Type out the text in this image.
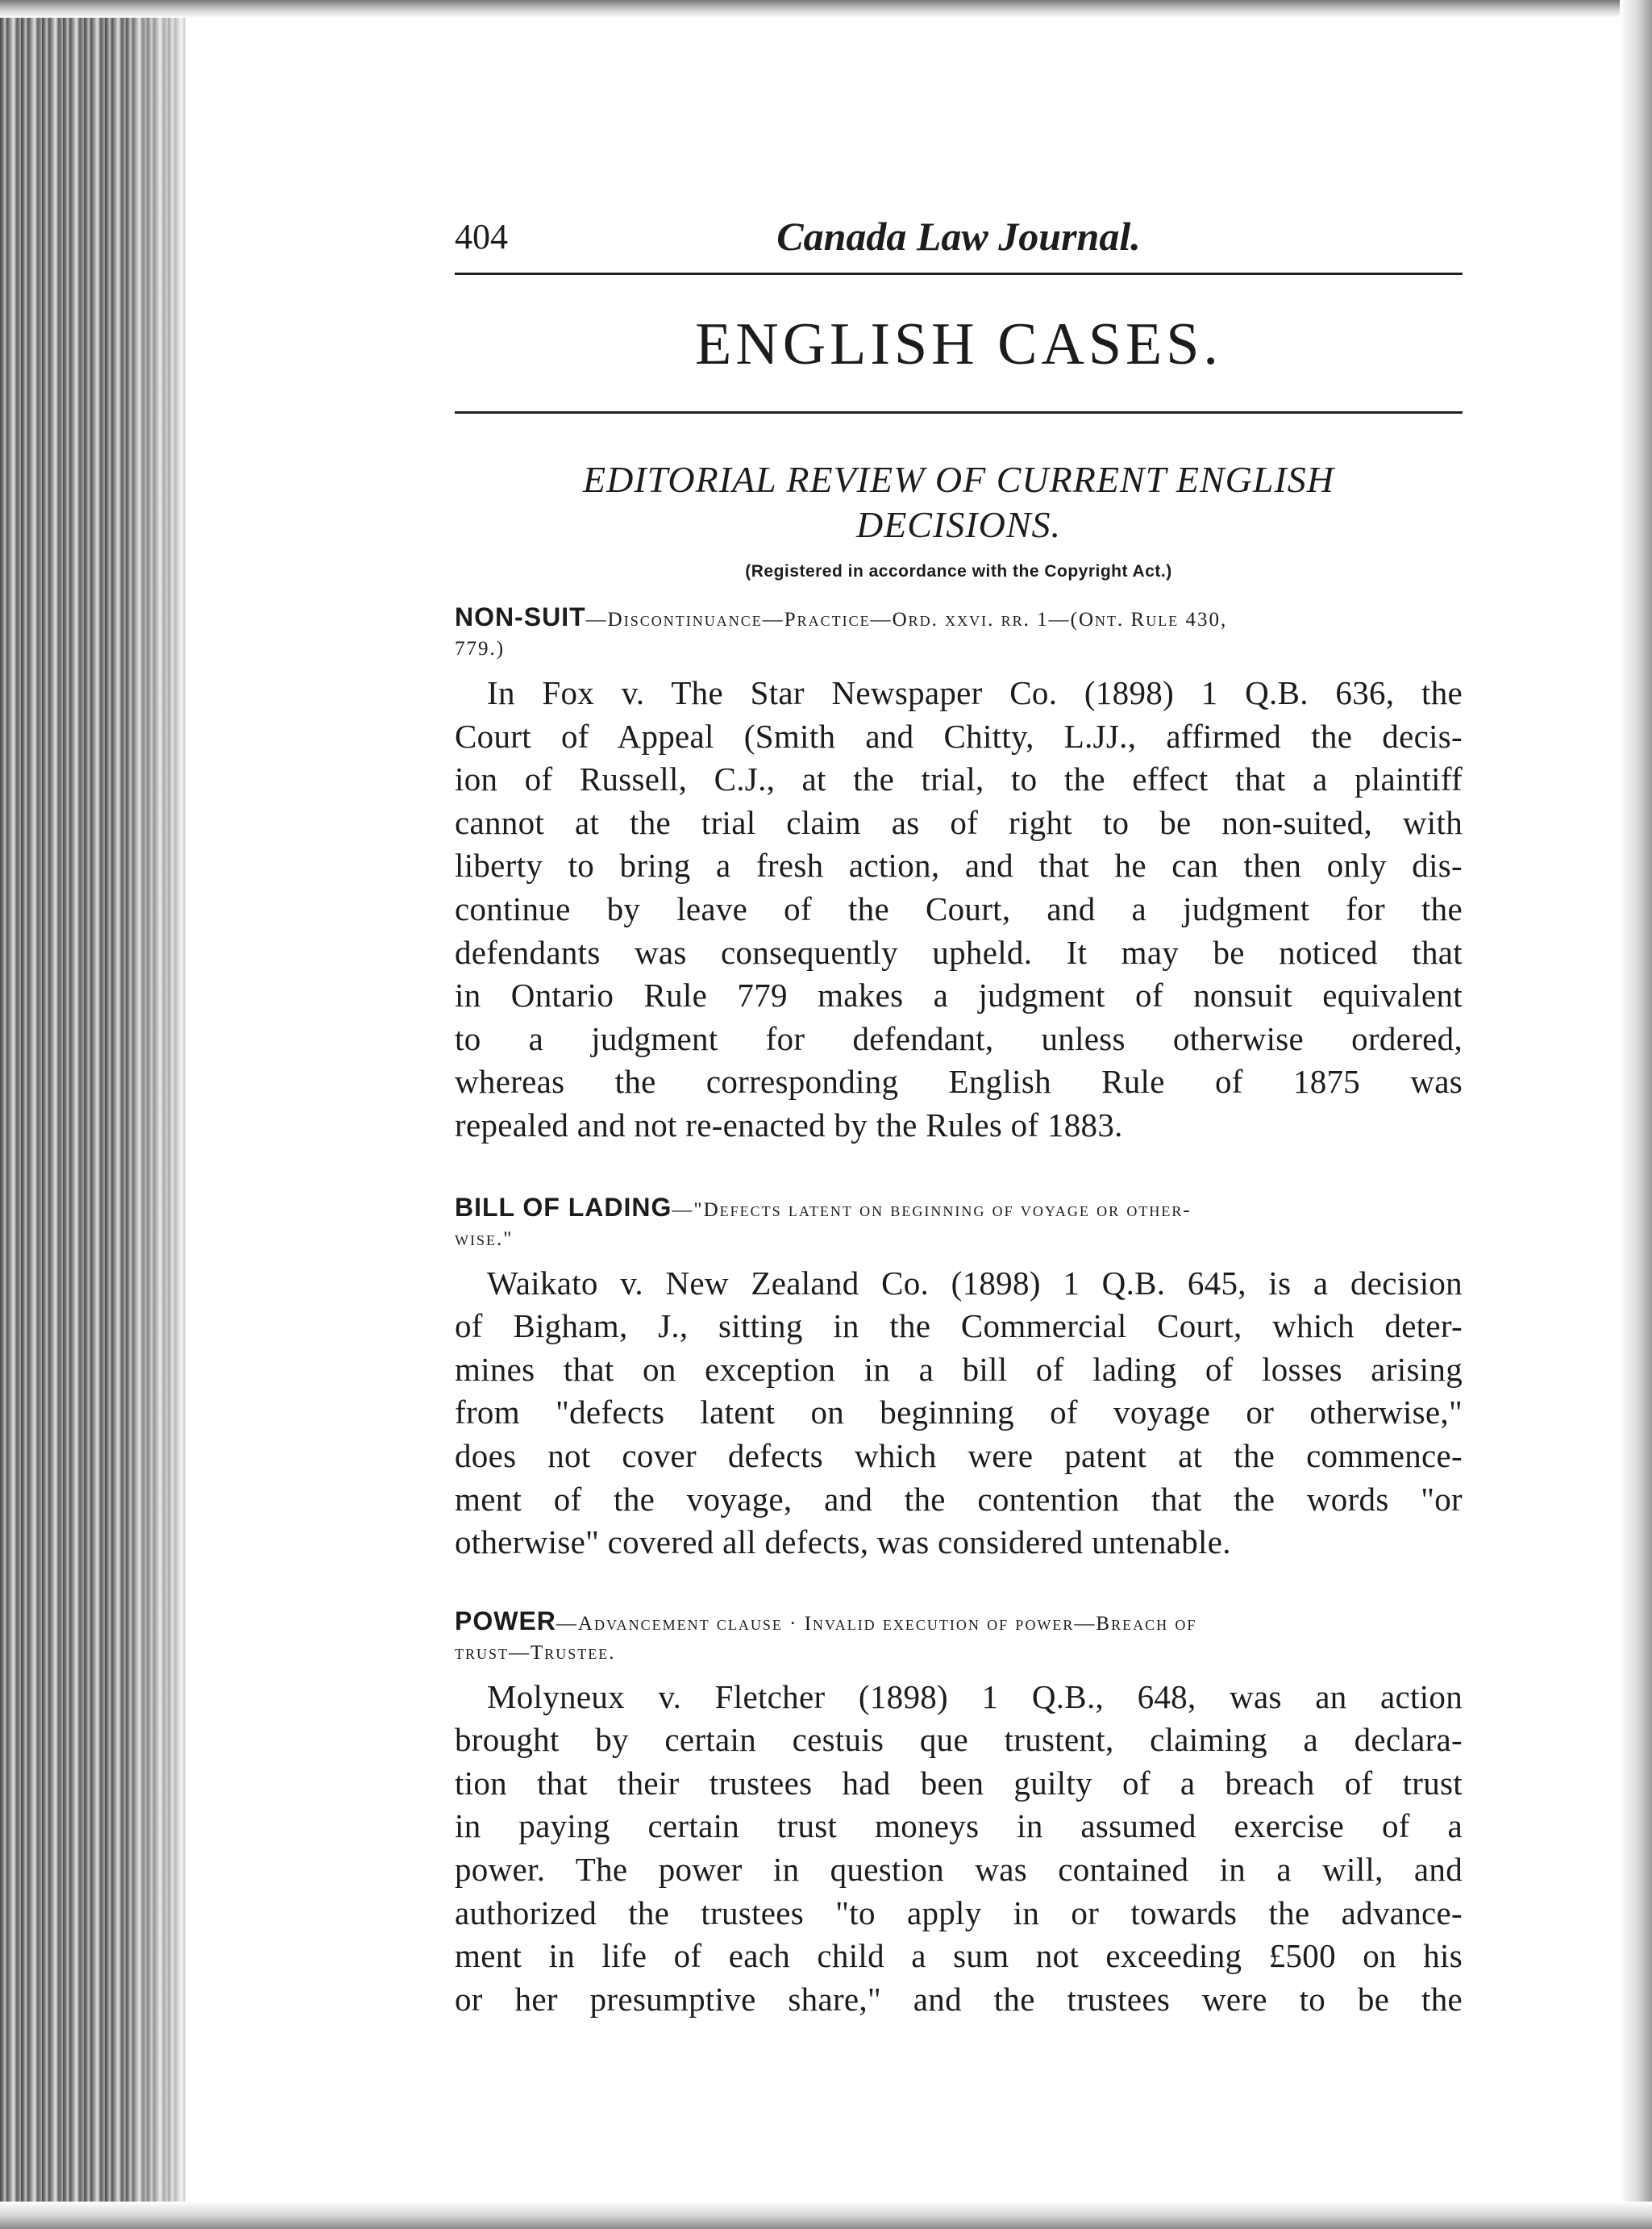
404	Canada Law Journal.
ENGLISH CASES.
EDITORIAL REVIEW OF CURRENT ENGLISH
DECISIONS.
(Registered in accordance with the Copyright Act.)
NON-SUIT—Discontinuance—Practice—Ord. xxvi. rr. 1—(Ont. Rule 430,
779.)
In Fox v. The Star Newspaper Co. (1898) 1 Q.B. 636, the
Court of Appeal (Smith and Chitty, L.JJ., affirmed the decis-
ion of Russell, C.J., at the trial, to the effect that a plaintiff
cannot at the trial claim as of right to be non-suited, with
liberty to bring a fresh action, and that he can then only dis-
continue by leave of the Court, and a judgment for the
defendants was consequently upheld. It may be noticed that
in Ontario Rule 779 makes a judgment of nonsuit equivalent
to a judgment for defendant, unless otherwise ordered,
whereas the corresponding English Rule of 1875 was
repealed and not re-enacted by the Rules of 1883.
BILL OF LADING—"Defects latent on beginning of voyage or other-
wise."
Waikato v. New Zealand Co. (1898) 1 Q.B. 645, is a decision
of Bigham, J., sitting in the Commercial Court, which deter-
mines that on exception in a bill of lading of losses arising
from "defects latent on beginning of voyage or otherwise,"
does not cover defects which were patent at the commence-
ment of the voyage, and the contention that the words "or
otherwise" covered all defects, was considered untenable.
POWER—Advancement clause · Invalid execution of power—Breach of
trust—Trustee.
Molyneux v. Fletcher (1898) 1 Q.B., 648, was an action
brought by certain cestuis que trustent, claiming a declara-
tion that their trustees had been guilty of a breach of trust
in paying certain trust moneys in assumed exercise of a
power. The power in question was contained in a will, and
authorized the trustees "to apply in or towards the advance-
ment in life of each child a sum not exceeding £500 on his
or her presumptive share," and the trustees were to be the
